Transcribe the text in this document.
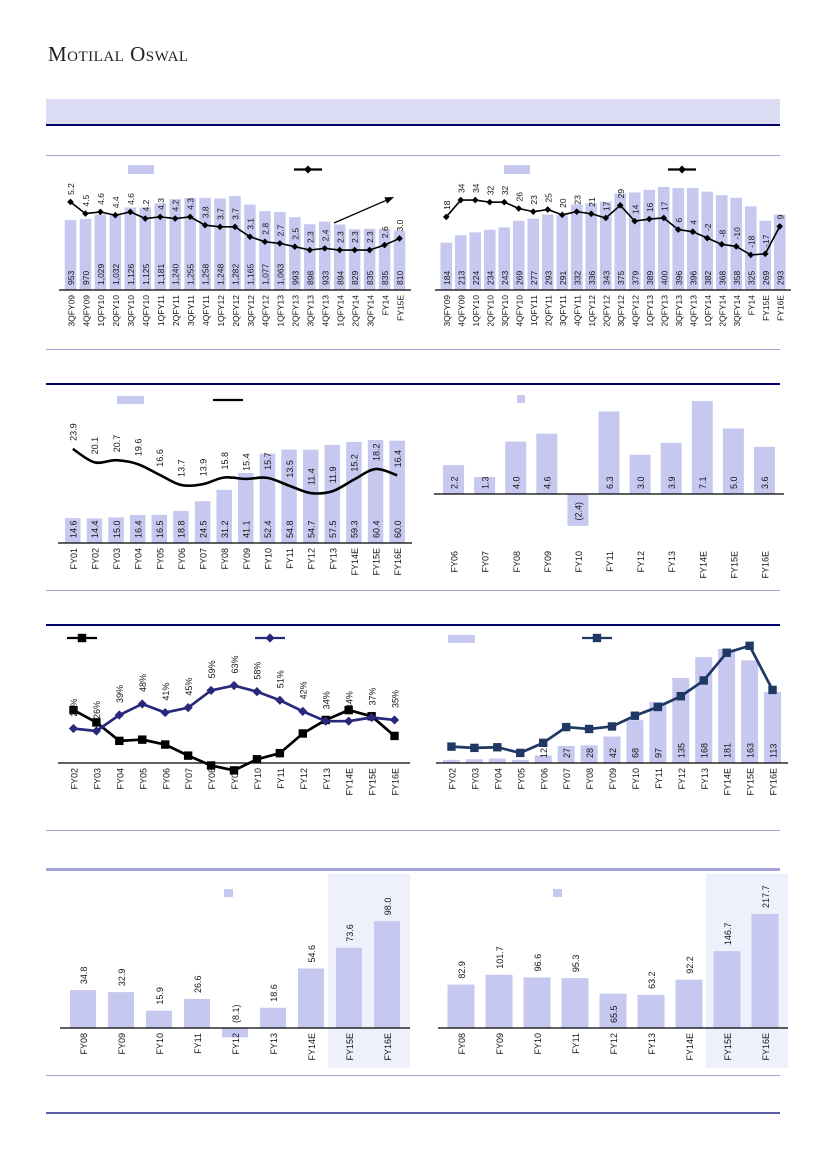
Motilal Oswal
953 970 1,029 1,032 1,126 1,125 1,181 1,240 1,255 1,258 1,248 1,282 1,165 1,077 1,063 993 898 933 894 829 835 835 810
5.2
4.5 4.6 4.4 4.6
4.2 4.3 4.2 4.3
3.8 3.7 3.7
3.1 2.8 2.7 2.5 2.3 2.4 2.3 2.3 2.3 2.6
3.0
3QFY09 4QFY09 1QFY10 2QFY10 3QFY10 4QFY10 1QFY11 2QFY11 3QFY11 4QFY11 1QFY12 2QFY12 3QFY12 4QFY12 1QFY13 2QFY13 3QFY13 4QFY13 1QFY14 2QFY14 3QFY14 FY14 FY15E
184 213 224 234 243 269 277 293 291 332 336 343 375 379 389 400 396 396 382 368 358 325 269 293
18
34 34 32 32
26 23 25
20 23 21 17
29
14 16 17
6 4
-2
-8 -10
-18 -17
9
3QFY09 4QFY09 1QFY10 2QFY10 3QFY10 4QFY10 1QFY11 2QFY11 3QFY11 4QFY11 1QFY12 2QFY12 3QFY12 4QFY12 1QFY13 2QFY13 3QFY13 4QFY13 1QFY14 2QFY14 3QFY14 FY14 FY15E FY16E
14.6 14.4 15.0 16.4 16.5 18.8 24.5 31.2 41.1 52.4 54.8 54.7 57.5 59.3 60.4 60.0
23.9
20.1 20.7 19.6
16.6
13.7 13.9 15.8 15.4 15.7 13.5 11.4 11.9
15.2
18.2 16.4
FY01 FY02 FY03 FY04 FY05 FY06 FY07 FY08 FY09 FY10 FY11 FY12 FY13 FY14E FY15E FY16E
2.2 1.3 4.0 4.6
(2.4)
6.3 3.0 3.9 7.1 5.0 3.6
FY06 FY07 FY08 FY09 FY10 FY11 FY12 FY13 FY14E FY15E FY16E
28% 26%
39%
48% 41% 45%
59% 63% 58% 51%
42%
34% 34% 37% 35%
FY02 FY03 FY04 FY05 FY06 FY07 FY08 FY09 FY10 FY11 FY12 FY13 FY14E FY15E FY16E
12 27 28 42 68 97 135 168 181 163 113
FY02 FY03 FY04 FY05 FY06 FY07 FY08 FY09 FY10 FY11 FY12 FY13 FY14E FY15E FY16E
34.8	32.9
15.9
26.6
(8.1)
18.6
54.6
73.6
98.0
FY08	FY09	FY10	FY11	FY12	FY13	FY14E	FY15E	FY16E
82.9
101.7	96.6	95.3
65.5
63.2
92.2
146.7
217.7
FY08	FY09	FY10	FY11	FY12	FY13	FY14E	FY15E	FY16E
